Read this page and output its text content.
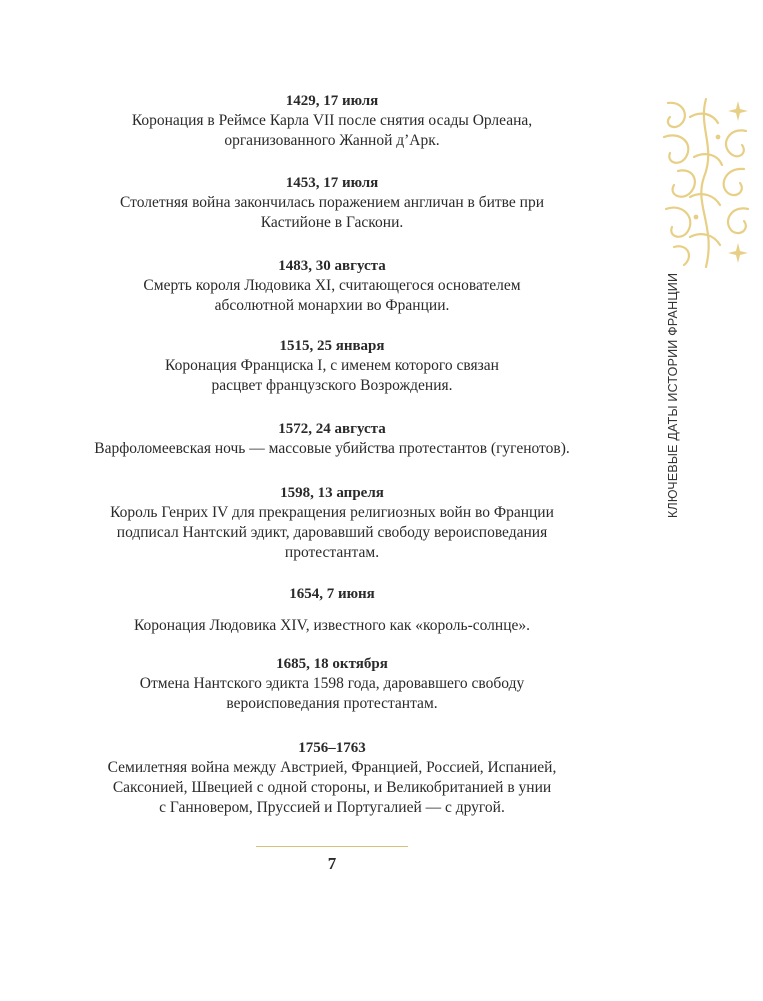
1429, 17 июля
Коронация в Реймсе Карла VII после снятия осады Орлеана,
организованного Жанной д’Арк.
1453, 17 июля
Столетняя война закончилась поражением англичан в битве при
Кастийоне в Гаскони.
1483, 30 августа
Смерть короля Людовика XI, считающегося основателем
абсолютной монархии во Франции.
1515, 25 января
Коронация Франциска I, с именем которого связан
расцвет французского Возрождения.
1572, 24 августа
Варфоломеевская ночь — массовые убийства протестантов (гугенотов).
1598, 13 апреля
Король Генрих IV для прекращения религиозных войн во Франции
подписал Нантский эдикт, даровавший свободу вероисповедания
протестантам.
1654, 7 июня
Коронация Людовика XIV, известного как «король-солнце».
1685, 18 октября
Отмена Нантского эдикта 1598 года, даровавшего свободу
вероисповедания протестантам.
1756–1763
Семилетняя война между Австрией, Францией, Россией, Испанией,
Саксонией, Швецией с одной стороны, и Великобританией в унии
с Ганновером, Пруссией и Португалией — с другой.
КЛЮЧЕВЫЕ ДАТЫ ИСТОРИИ ФРАНЦИИ
7
